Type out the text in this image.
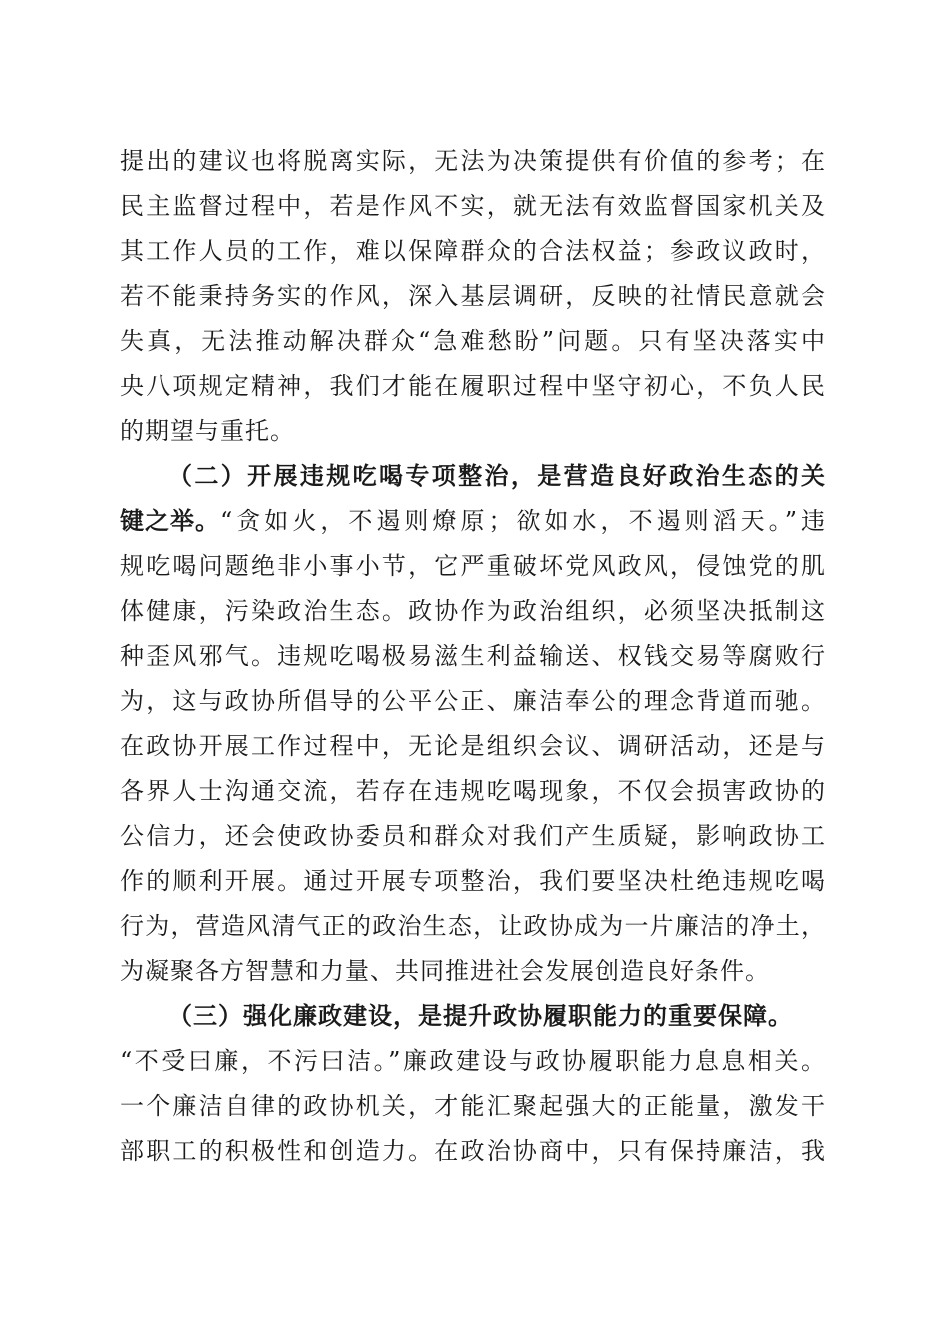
提出的建议也将脱离实际，无法为决策提供有价值的参考；在
民主监督过程中，若是作风不实，就无法有效监督国家机关及
其工作人员的工作，难以保障群众的合法权益；参政议政时，
若不能秉持务实的作风，深入基层调研，反映的社情民意就会
失真，无法推动解决群众“急难愁盼”问题。只有坚决落实中
央八项规定精神，我们才能在履职过程中坚守初心，不负人民
的期望与重托。
（二）开展违规吃喝专项整治，是营造良好政治生态的关
键之举。 “贪如火，不遏则燎原；欲如水，不遏则滔天。”违
规吃喝问题绝非小事小节，它严重破坏党风政风，侵蚀党的肌
体健康，污染政治生态。政协作为政治组织，必须坚决抵制这
种歪风邪气。违规吃喝极易滋生利益输送、权钱交易等腐败行
为，这与政协所倡导的公平公正、廉洁奉公的理念背道而驰。
在政协开展工作过程中，无论是组织会议、调研活动，还是与
各界人士沟通交流，若存在违规吃喝现象，不仅会损害政协的
公信力，还会使政协委员和群众对我们产生质疑，影响政协工
作的顺利开展。通过开展专项整治，我们要坚决杜绝违规吃喝
行为，营造风清气正的政治生态，让政协成为一片廉洁的净土，
为凝聚各方智慧和力量、共同推进社会发展创造良好条件。
（三）强化廉政建设，是提升政协履职能力的重要保障。
“不受曰廉，不污曰洁。”廉政建设与政协履职能力息息相关。
一个廉洁自律的政协机关，才能汇聚起强大的正能量，激发干
部职工的积极性和创造力。在政治协商中，只有保持廉洁，我
